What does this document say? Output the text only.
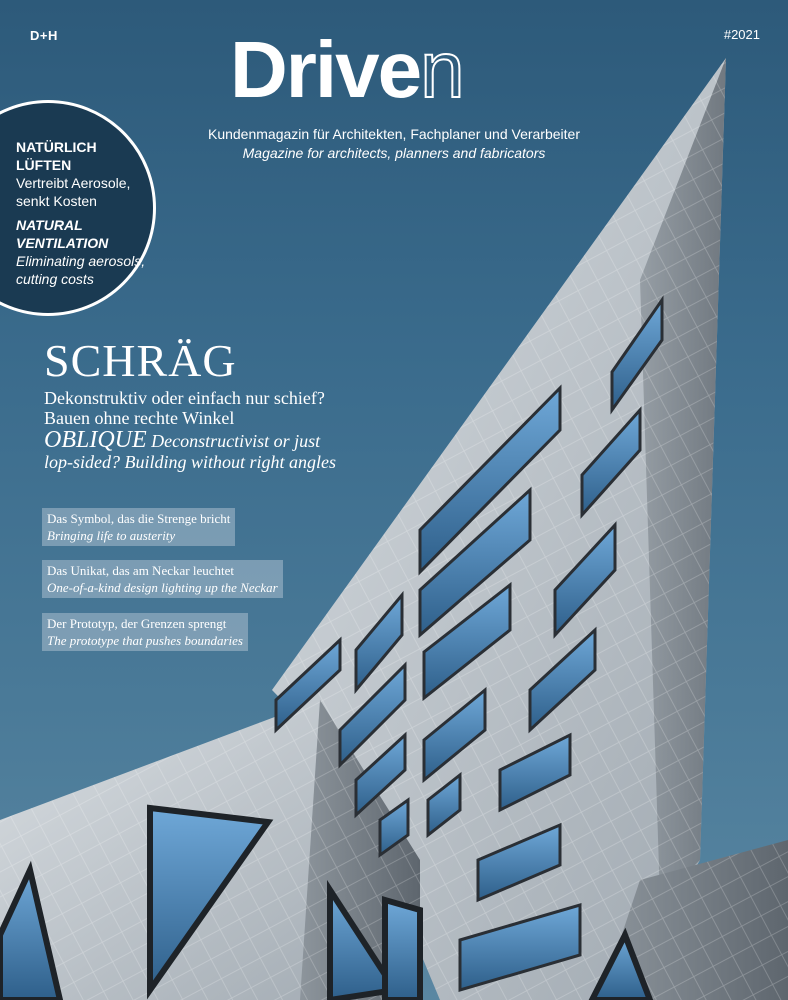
D+H	#2021
Driven
Kundenmagazin für Architekten, Fachplaner und Verarbeiter
Magazine for architects, planners and fabricators
NATÜRLICH
LÜFTEN
Vertreibt Aerosole,
senkt Kosten
NATURAL
VENTILATION
Eliminating aerosols,
cutting costs
SCHRÄG
Dekonstruktiv oder einfach nur schief?
Bauen ohne rechte Winkel
OBLIQUE Deconstructivist or just
lop-sided? Building without right angles
Das Symbol, das die Strenge bricht
Bringing life to austerity
Das Unikat, das am Neckar leuchtet
One-of-a-kind design lighting up the Neckar
Der Prototyp, der Grenzen sprengt
The prototype that pushes boundaries
